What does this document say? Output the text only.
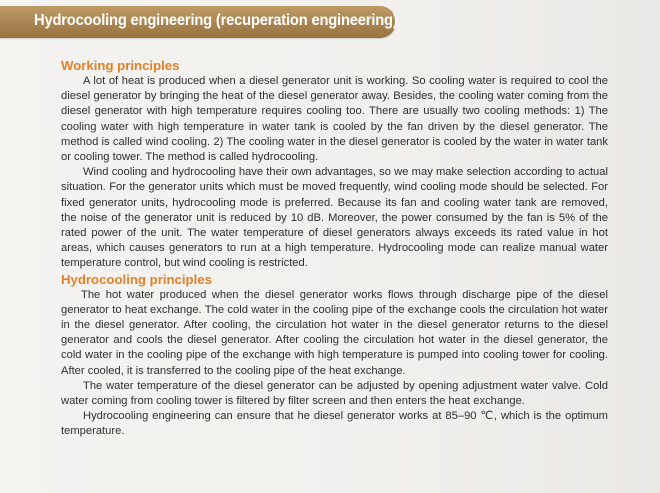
Hydrocooling engineering (recuperation engineering)
Working principles

A lot of heat is produced when a diesel generator unit is working. So cooling water is required to cool the diesel generator by bringing the heat of the diesel generator away. Besides, the cooling water coming from the diesel generator with high temperature requires cooling too. There are usually two cooling methods: 1) The cooling water with high temperature in water tank is cooled by the fan driven by the diesel generator. The method is called wind cooling. 2) The cooling water in the diesel generator is cooled by the water in water tank or cooling tower. The method is called hydrocooling.

Wind cooling and hydrocooling have their own advantages, so we may make selection according to actual situation. For the generator units which must be moved frequently, wind cooling mode should be selected. For fixed generator units, hydrocooling mode is preferred. Because its fan and cooling water tank are removed, the noise of the generator unit is reduced by 10 dB. Moreover, the power consumed by the fan is 5% of the rated power of the unit. The water temperature of diesel generators always exceeds its rated value in hot areas, which causes generators to run at a high temperature. Hydrocooling mode can realize manual water temperature control, but wind cooling is restricted.

Hydrocooling principles

The hot water produced when the diesel generator works flows through discharge pipe of the diesel generator to heat exchange. The cold water in the cooling pipe of the exchange cools the circulation hot water in the diesel generator. After cooling, the circulation hot water in the diesel generator returns to the diesel generator and cools the diesel generator. After cooling the circulation hot water in the diesel generator, the cold water in the cooling pipe of the exchange with high temperature is pumped into cooling tower for cooling. After cooled, it is transferred to the cooling pipe of the heat exchange.

The water temperature of the diesel generator can be adjusted by opening adjustment water valve. Cold water coming from cooling tower is filtered by filter screen and then enters the heat exchange.

Hydrocooling engineering can ensure that he diesel generator works at 85–90 ℃, which is the optimum temperature.
